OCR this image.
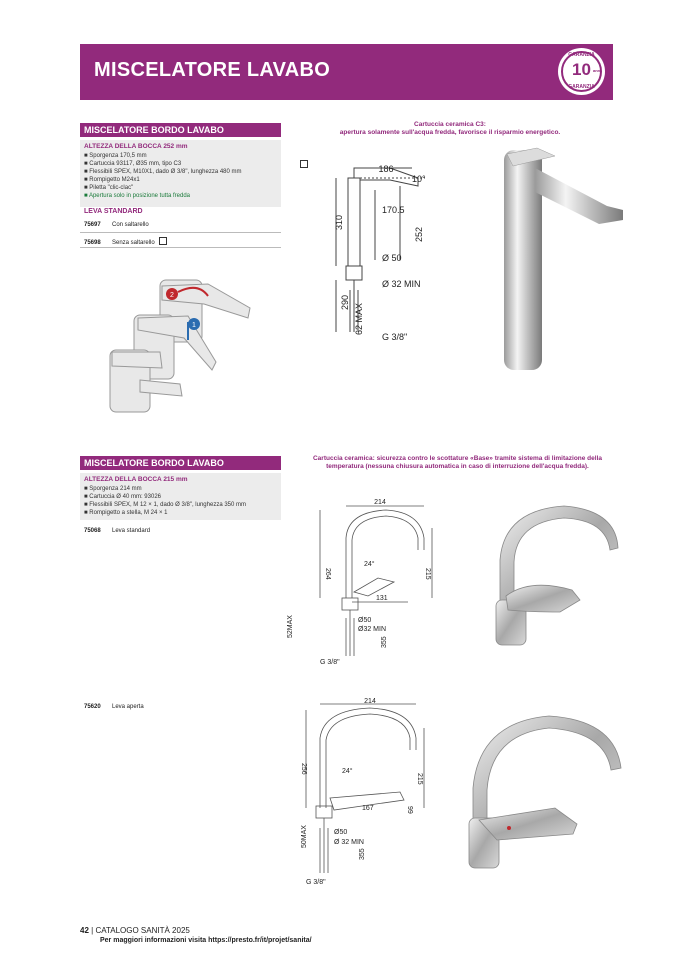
MISCELATORE LAVABO
GARANZIA
10 anni
GARANZIA
MISCELATORE BORDO LAVABO
ALTEZZA DELLA BOCCA 252 mm
■ Sporgenza 170,5 mm
■ Cartuccia 93117, Ø35 mm, tipo C3
■ Flessibili SPEX, M10X1, dado Ø 3/8", lunghezza 480 mm
■ Rompigetto M24x1
■ Piletta "clic-clac"
■ Apertura solo in posizione tutta fredda
LEVA STANDARD
75697 Con saltarello
75698 Senza saltarello
2
1
Cartuccia ceramica C3:
apertura solamente sull'acqua fredda, favorisce il risparmio energetico.
186
10°
170.5
310
252
Ø 50
Ø 32 MIN
290
62 MAX
G 3/8"
MISCELATORE BORDO LAVABO
ALTEZZA DELLA BOCCA 215 mm
■ Sporgenza 214 mm
■ Cartuccia Ø 40 mm: 93026
■ Flessibili SPEX, M 12 × 1, dado Ø 3/8", lunghezza 350 mm
■ Rompigetto a stella, M 24 × 1
75068 Leva standard
75620 Leva aperta
Cartuccia ceramica: sicurezza contro le scottature «Base» tramite sistema di limitazione della
temperatura (nessuna chiusura automatica in caso di interruzione dell'acqua fredda).
214
264	215
131
24°
52MAX	Ø50
Ø32 MIN
355
G 3/8"
214
256
215
167	99
24°
50MAX	Ø50
Ø 32 MIN
355
G 3/8"
42 | CATALOGO SANITÀ 2025
Per maggiori informazioni visita https://presto.fr/it/projet/sanita/
